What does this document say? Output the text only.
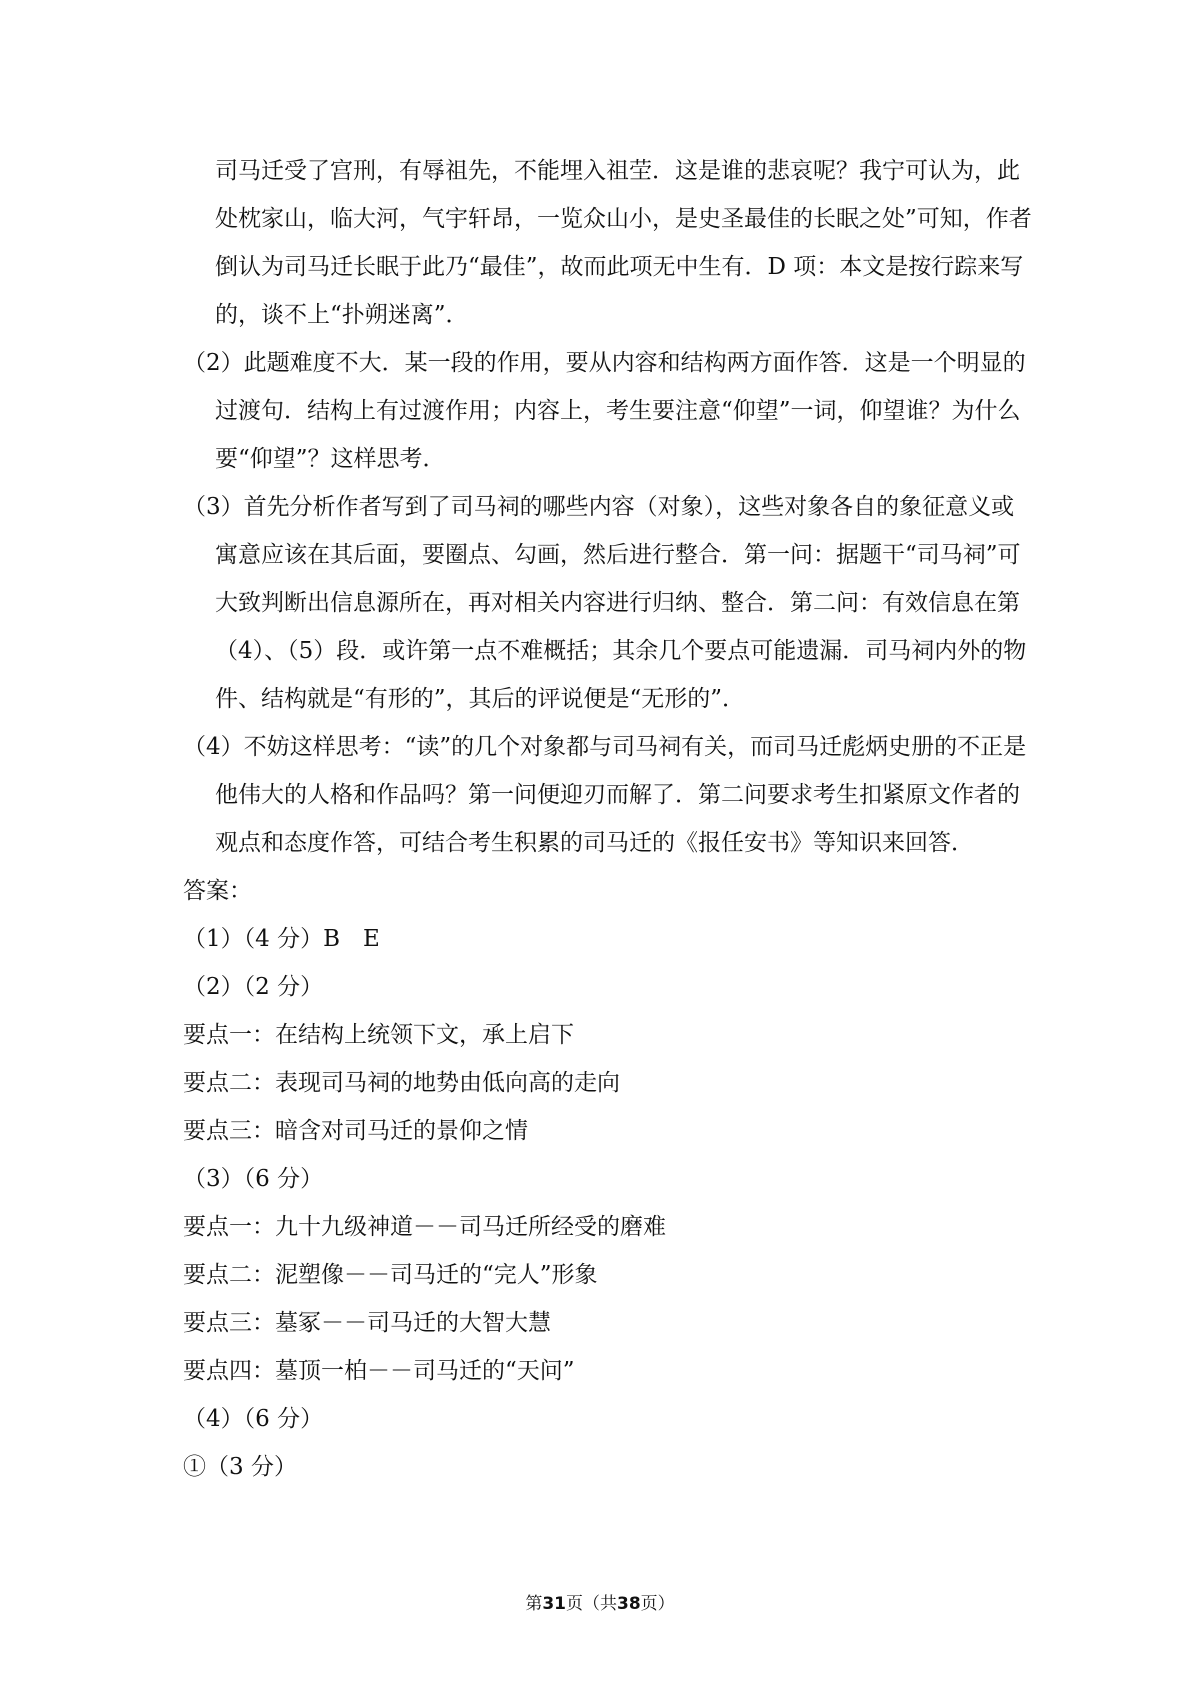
司马迁受了宫刑，有辱祖先，不能埋入祖茔．这是谁的悲哀呢？我宁可认为，此处枕家山，临大河，气宇轩昂，一览众山小，是史圣最佳的长眠之处”可知，作者倒认为司马迁长眠于此乃“最佳”，故而此项无中生有．D 项：本文是按行踪来写的，谈不上“扑朔迷离”．

（2）此题难度不大．某一段的作用，要从内容和结构两方面作答．这是一个明显的过渡句．结构上有过渡作用；内容上，考生要注意“仰望”一词，仰望谁？为什么要“仰望”？这样思考．

（3）首先分析作者写到了司马祠的哪些内容（对象），这些对象各自的象征意义或寓意应该在其后面，要圈点、勾画，然后进行整合．第一问：据题干“司马祠”可大致判断出信息源所在，再对相关内容进行归纳、整合．第二问：有效信息在第（4）、（5）段．或许第一点不难概括；其余几个要点可能遗漏．司马祠内外的物件、结构就是“有形的”，其后的评说便是“无形的”．

（4）不妨这样思考：“读”的几个对象都与司马祠有关，而司马迁彪炳史册的不正是他伟大的人格和作品吗？第一问便迎刃而解了．第二问要求考生扣紧原文作者的观点和态度作答，可结合考生积累的司马迁的《报任安书》等知识来回答．

答案：

（1）（4 分）B　E

（2）（2 分）

要点一：在结构上统领下文，承上启下

要点二：表现司马祠的地势由低向高的走向

要点三：暗含对司马迁的景仰之情

（3）（6 分）

要点一：九十九级神道－－司马迁所经受的磨难

要点二：泥塑像－－司马迁的“完人”形象

要点三：墓冢－－司马迁的大智大慧

要点四：墓顶一柏－－司马迁的“天问”

（4）（6 分）

①（3 分）

第31页（共38页）
